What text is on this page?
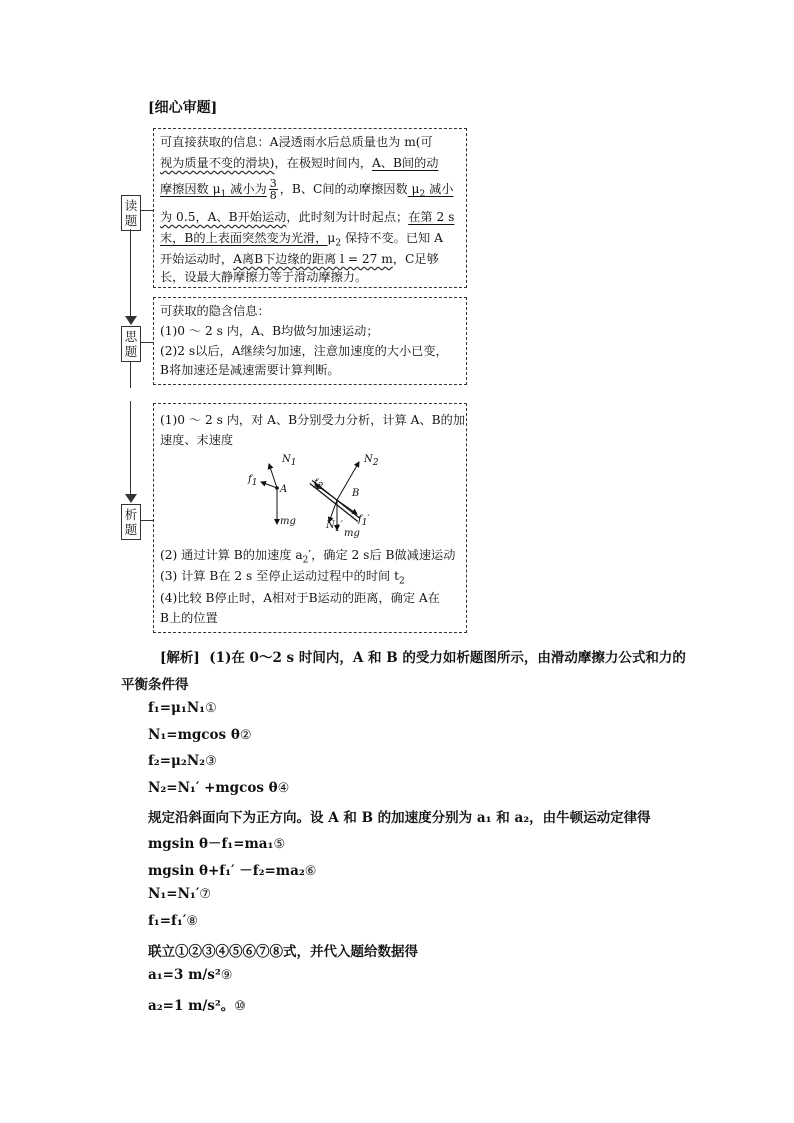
[细心审题]
读
题
思
题
析
题
可直接获取的信息：A浸透雨水后总质量也为 m(可
视为质量不变的滑块)，在极短时间内，A、B间的动
摩擦因数 $\mu_1$ 减小为 $\frac{3}{8}$ ，B、C间的动摩擦因数 $\mu_2$ 减小
为 0.5，A、B开始运动，此时刻为计时起点；在第 2 s
末，B的上表面突然变为光滑，$\mu_2$ 保持不变。已知 A
开始运动时，A离B下边缘的距离 l = 27 m，C足够
长，设最大静摩擦力等于滑动摩擦力。
可获取的隐含信息：
(1)0 ～ 2 s 内，A、B均做匀加速运动；
(2)2 s以后，A继续匀加速，注意加速度的大小已变，
B将加速还是减速需要计算判断。
(1)0 ～ 2 s 内，对 A、B分别受力分析，计算 A、B的加
速度、末速度
$N_1$
$f_1$
A
mg
$N_2$
$f_2$
B
$N_1'$
$f_1'$
mg
(2) 通过计算 B的加速度 $a_2'$，确定 2 s后 B做减速运动
(3) 计算 B在 2 s 至停止运动过程中的时间 $t_2$
(4)比较 B停止时，A相对于B运动的距离，确定 A在
B上的位置
[解析] (1)在 0～2 s 时间内，A 和 B 的受力如析题图所示，由滑动摩擦力公式和力的
平衡条件得
f₁=μ₁N₁①
N₁=mgcos θ②
f₂=μ₂N₂③
N₂=N₁′ +mgcos θ④
规定沿斜面向下为正方向。设 A 和 B 的加速度分别为 a₁ 和 a₂，由牛顿运动定律得
mgsin θ－f₁=ma₁⑤
mgsin θ+f₁′ －f₂=ma₂⑥
N₁=N₁′⑦
f₁=f₁′⑧
联立①②③④⑤⑥⑦⑧式，并代入题给数据得
a₁=3 m/s²⑨
a₂=1 m/s²。⑩
